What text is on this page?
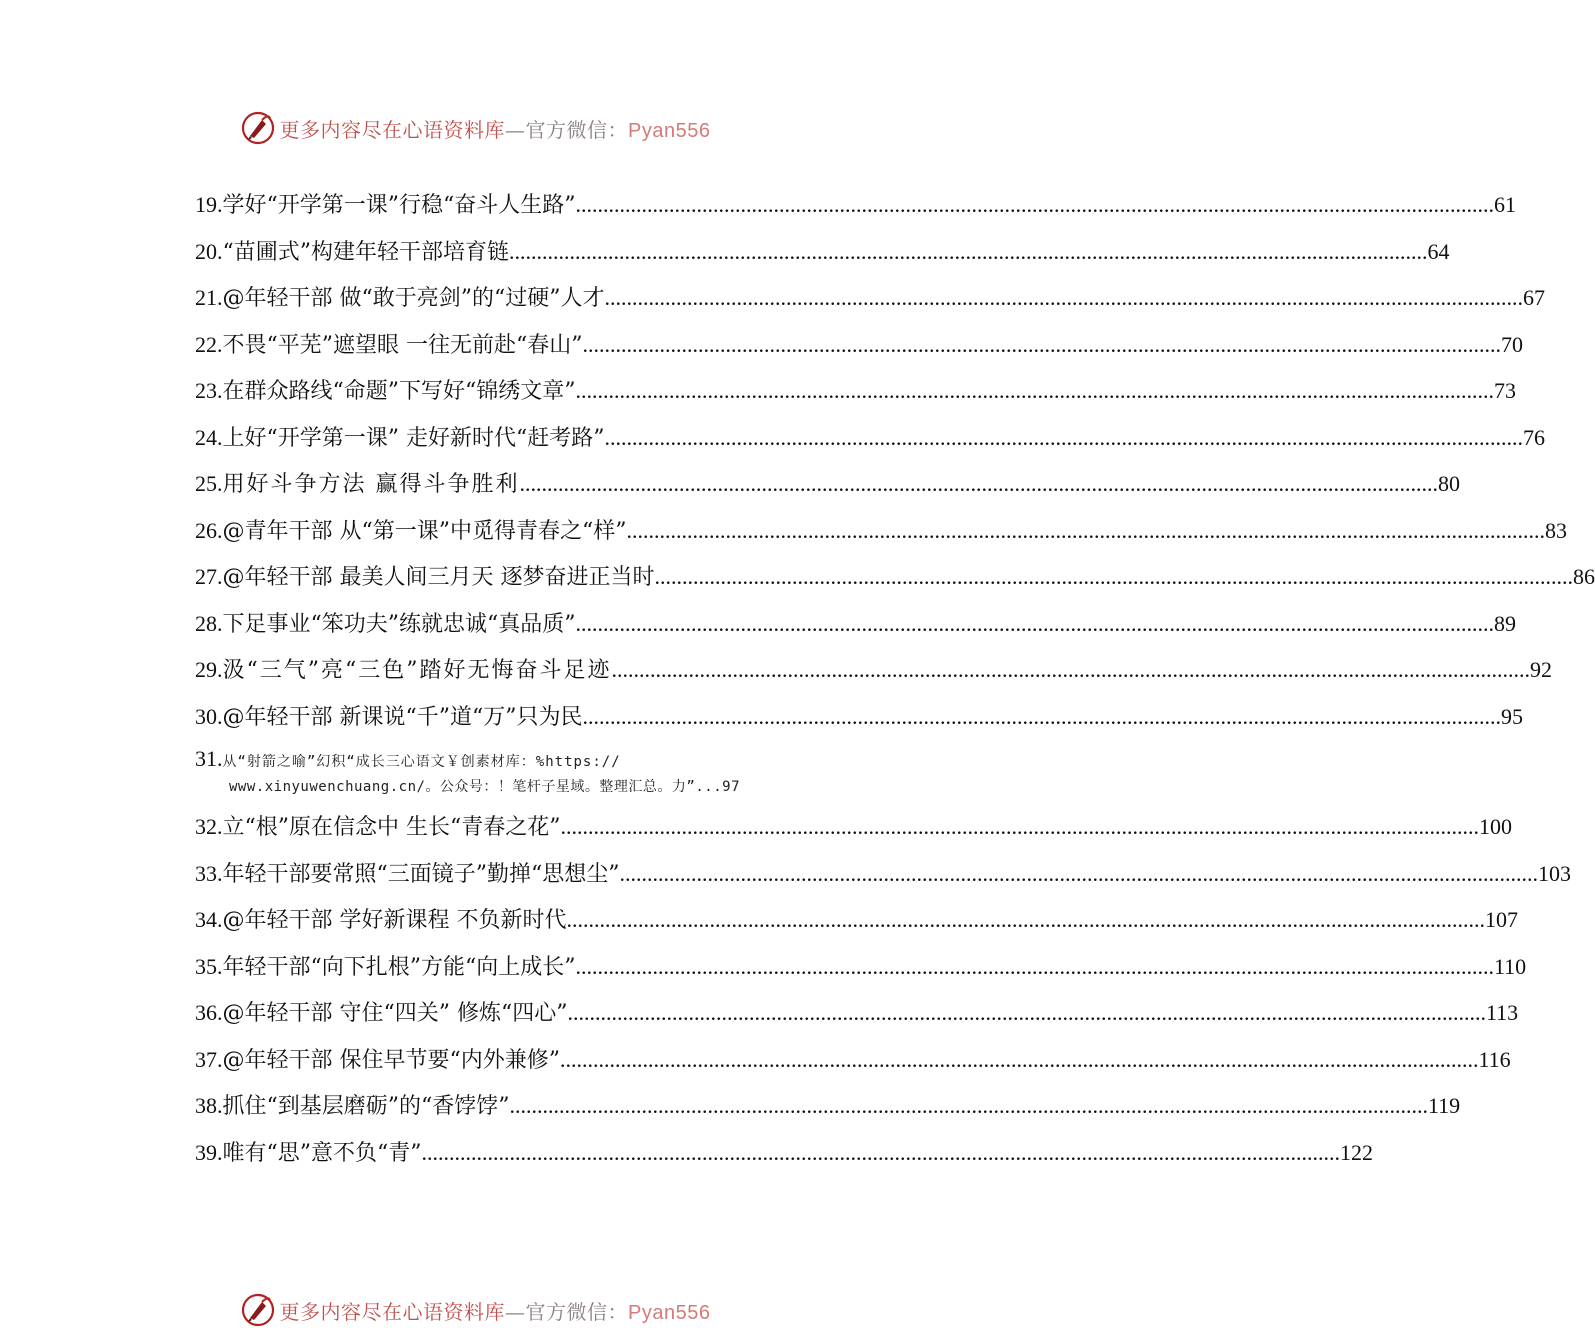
更多内容尽在心语资料库—官方微信：Pyan556
19. 学好“开学第一课”行稳“奋斗人生路” .....	61
20. “苗圃式”构建年轻干部培育链 .....	64
21. @年轻干部 做“敢于亮剑”的“过硬”人才 .....	67
22. 不畏“平芜”遮望眼 一往无前赴“春山” .....	70
23. 在群众路线“命题”下写好“锦绣文章” .....	73
24. 上好“开学第一课” 走好新时代“赶考路” .....	76
25. 用好斗争方法 赢得斗争胜利 .....	80
26. @青年干部 从“第一课”中觅得青春之“样” .....	83
27. @年轻干部 最美人间三月天 逐梦奋进正当时 .....	86
28. 下足事业“笨功夫”练就忠诚“真品质” .....	89
29. 汲“三气”亮“三色”踏好无悔奋斗足迹 .....	92
30. @年轻干部 新课说“千”道“万”只为民 .....	95
31. 从“射箭之喻”幻积“成长三心语文￥创素材库：%https://
www.xinyuwenchuang.cn/。公众号：！笔杆子星域。整理汇总。力”...97
32. 立“根”原在信念中 生长“青春之花” .....	100
33. 年轻干部要常照“三面镜子”勤掸“思想尘” .....	103
34. @年轻干部 学好新课程 不负新时代 .....	107
35. 年轻干部“向下扎根”方能“向上成长” .....	110
36. @年轻干部 守住“四关” 修炼“四心” .....	113
37. @年轻干部 保住早节要“内外兼修” .....	116
38. 抓住“到基层磨砺”的“香饽饽” .....	119
39. 唯有“思”意不负“青” .....	122
更多内容尽在心语资料库—官方微信：Pyan556
